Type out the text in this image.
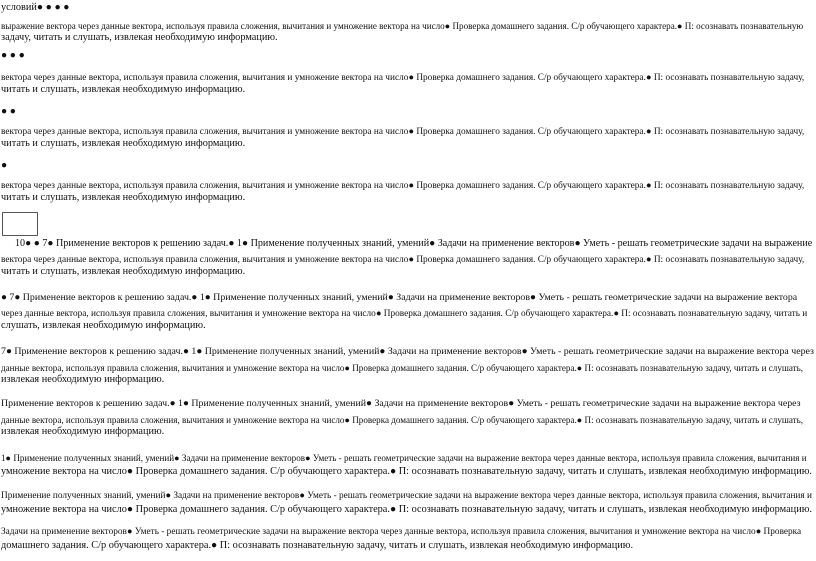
условий● ● ● ●
выражение вектора через данные вектора, используя правила сложения, вычитания и умножение вектора на число● Проверка домашнего задания. С/р обучающего характера.● П: осознавать познавательную
задачу, читать и слушать, извлекая необходимую информацию.
● ● ●
вектора через данные вектора, используя правила сложения, вычитания и умножение вектора на число● Проверка домашнего задания. С/р обучающего характера.● П: осознавать познавательную задачу,
читать и слушать, извлекая необходимую информацию.
● ●
вектора через данные вектора, используя правила сложения, вычитания и умножение вектора на число● Проверка домашнего задания. С/р обучающего характера.● П: осознавать познавательную задачу,
читать и слушать, извлекая необходимую информацию.
●
вектора через данные вектора, используя правила сложения, вычитания и умножение вектора на число● Проверка домашнего задания. С/р обучающего характера.● П: осознавать познавательную задачу,
читать и слушать, извлекая необходимую информацию.
10● ● 7● Применение векторов к решению задач.● 1● Применение полученных знаний, умений● Задачи на применение векторов● Уметь - решать геометрические задачи на выражение
вектора через данные вектора, используя правила сложения, вычитания и умножение вектора на число● Проверка домашнего задания. С/р обучающего характера.● П: осознавать познавательную задачу,
читать и слушать, извлекая необходимую информацию.
● 7● Применение векторов к решению задач.● 1● Применение полученных знаний, умений● Задачи на применение векторов● Уметь - решать геометрические задачи на выражение вектора
через данные вектора, используя правила сложения, вычитания и умножение вектора на число● Проверка домашнего задания. С/р обучающего характера.● П: осознавать познавательную задачу, читать и
слушать, извлекая необходимую информацию.
7● Применение векторов к решению задач.● 1● Применение полученных знаний, умений● Задачи на применение векторов● Уметь - решать геометрические задачи на выражение вектора через
данные вектора, используя правила сложения, вычитания и умножение вектора на число● Проверка домашнего задания. С/р обучающего характера.● П: осознавать познавательную задачу, читать и слушать,
извлекая необходимую информацию.
Применение векторов к решению задач.● 1● Применение полученных знаний, умений● Задачи на применение векторов● Уметь - решать геометрические задачи на выражение вектора через
данные вектора, используя правила сложения, вычитания и умножение вектора на число● Проверка домашнего задания. С/р обучающего характера.● П: осознавать познавательную задачу, читать и слушать,
извлекая необходимую информацию.
1● Применение полученных знаний, умений● Задачи на применение векторов● Уметь - решать геометрические задачи на выражение вектора через данные вектора, используя правила сложения, вычитания и
умножение вектора на число● Проверка домашнего задания. С/р обучающего характера.● П: осознавать познавательную задачу, читать и слушать, извлекая необходимую информацию.
Применение полученных знаний, умений● Задачи на применение векторов● Уметь - решать геометрические задачи на выражение вектора через данные вектора, используя правила сложения, вычитания и
умножение вектора на число● Проверка домашнего задания. С/р обучающего характера.● П: осознавать познавательную задачу, читать и слушать, извлекая необходимую информацию.
Задачи на применение векторов● Уметь - решать геометрические задачи на выражение вектора через данные вектора, используя правила сложения, вычитания и умножение вектора на число● Проверка
домашнего задания. С/р обучающего характера.● П: осознавать познавательную задачу, читать и слушать, извлекая необходимую информацию.
